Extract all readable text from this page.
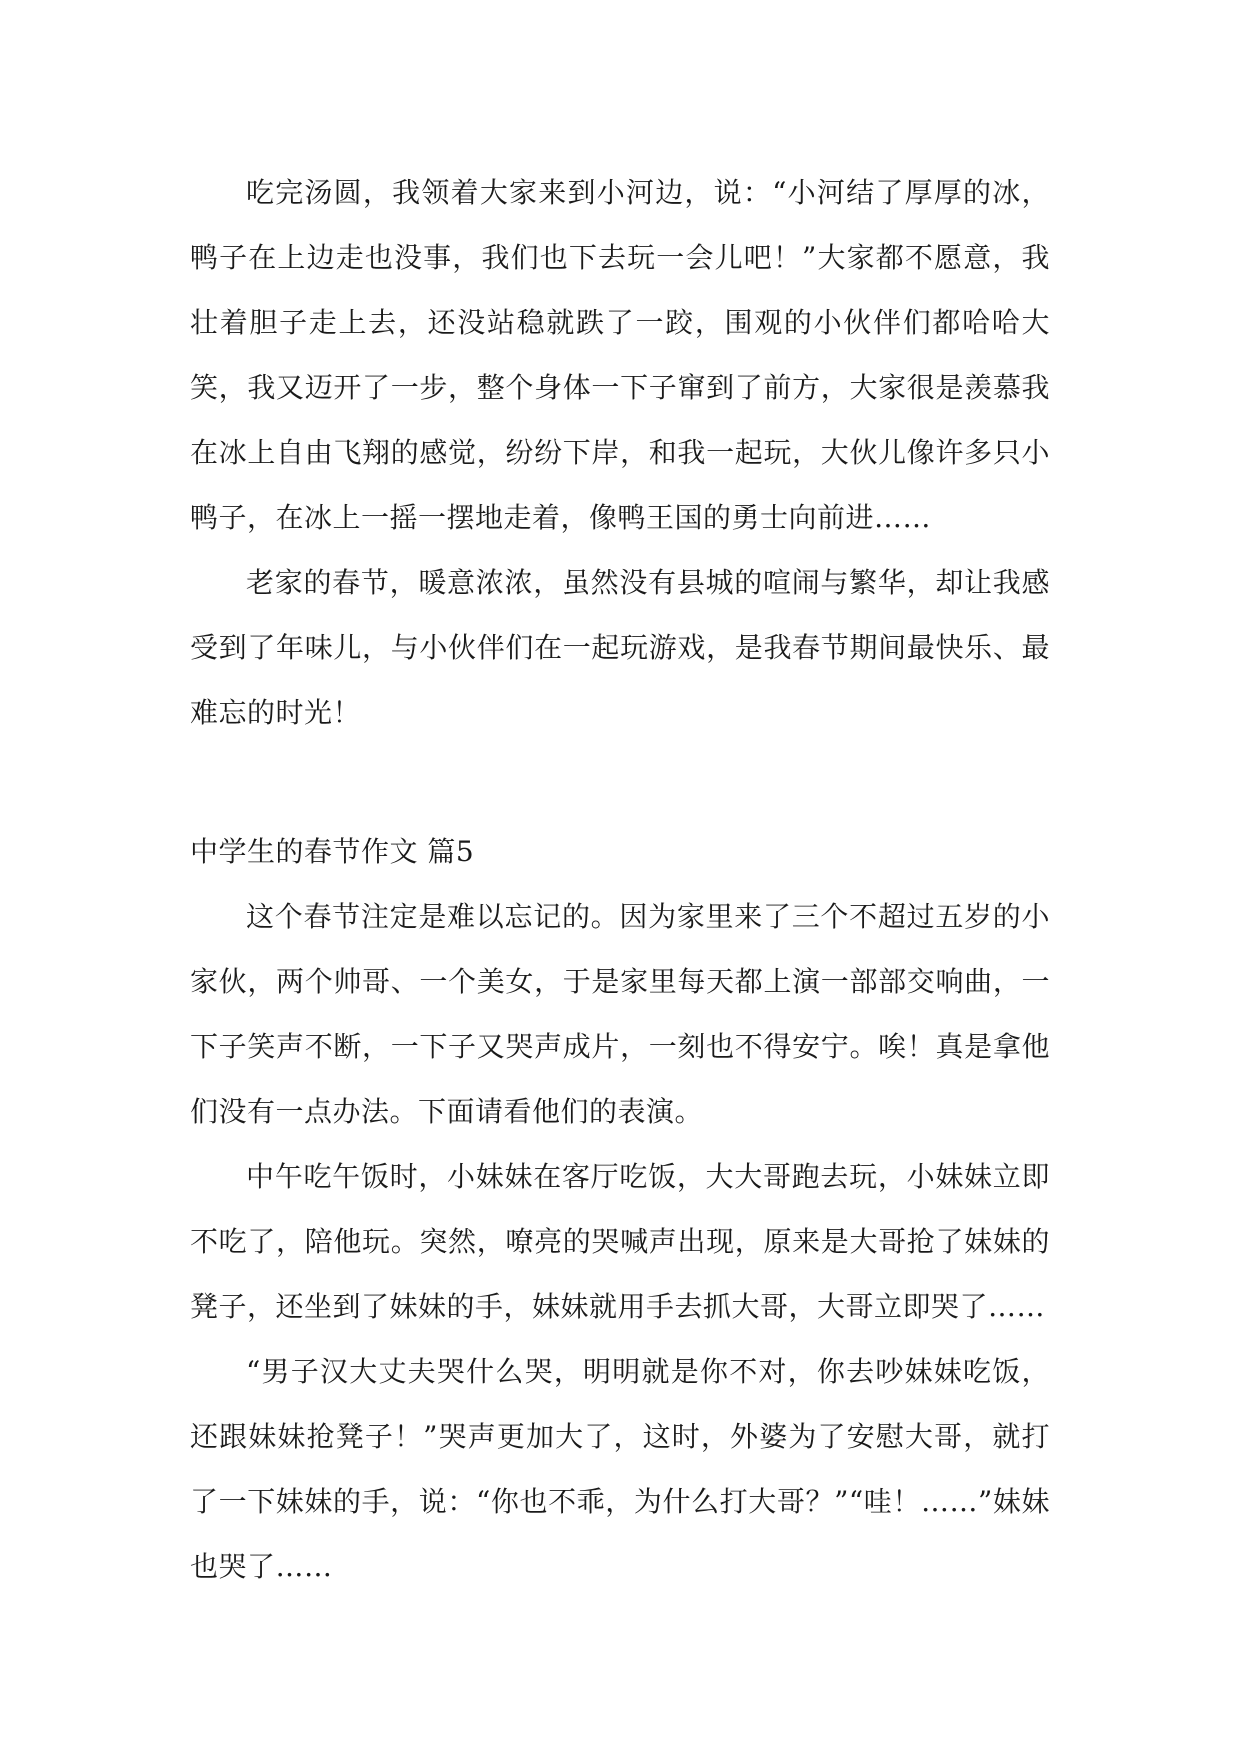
吃完汤圆，我领着大家来到小河边，说：“小河结了厚厚的冰，鸭子在上边走也没事，我们也下去玩一会儿吧！”大家都不愿意，我壮着胆子走上去，还没站稳就跌了一跤，围观的小伙伴们都哈哈大笑，我又迈开了一步，整个身体一下子窜到了前方，大家很是羡慕我在冰上自由飞翔的感觉，纷纷下岸，和我一起玩，大伙儿像许多只小鸭子，在冰上一摇一摆地走着，像鸭王国的勇士向前进……

老家的春节，暖意浓浓，虽然没有县城的喧闹与繁华，却让我感受到了年味儿，与小伙伴们在一起玩游戏，是我春节期间最快乐、最难忘的时光！

中学生的春节作文 篇5

这个春节注定是难以忘记的。因为家里来了三个不超过五岁的小家伙，两个帅哥、一个美女，于是家里每天都上演一部部交响曲，一下子笑声不断，一下子又哭声成片，一刻也不得安宁。唉！真是拿他们没有一点办法。下面请看他们的表演。

中午吃午饭时，小妹妹在客厅吃饭，大大哥跑去玩，小妹妹立即不吃了，陪他玩。突然，嘹亮的哭喊声出现，原来是大哥抢了妹妹的凳子，还坐到了妹妹的手，妹妹就用手去抓大哥，大哥立即哭了……

“男子汉大丈夫哭什么哭，明明就是你不对，你去吵妹妹吃饭，还跟妹妹抢凳子！”哭声更加大了，这时，外婆为了安慰大哥，就打了一下妹妹的手，说：“你也不乖，为什么打大哥？”“哇！……”妹妹也哭了……
